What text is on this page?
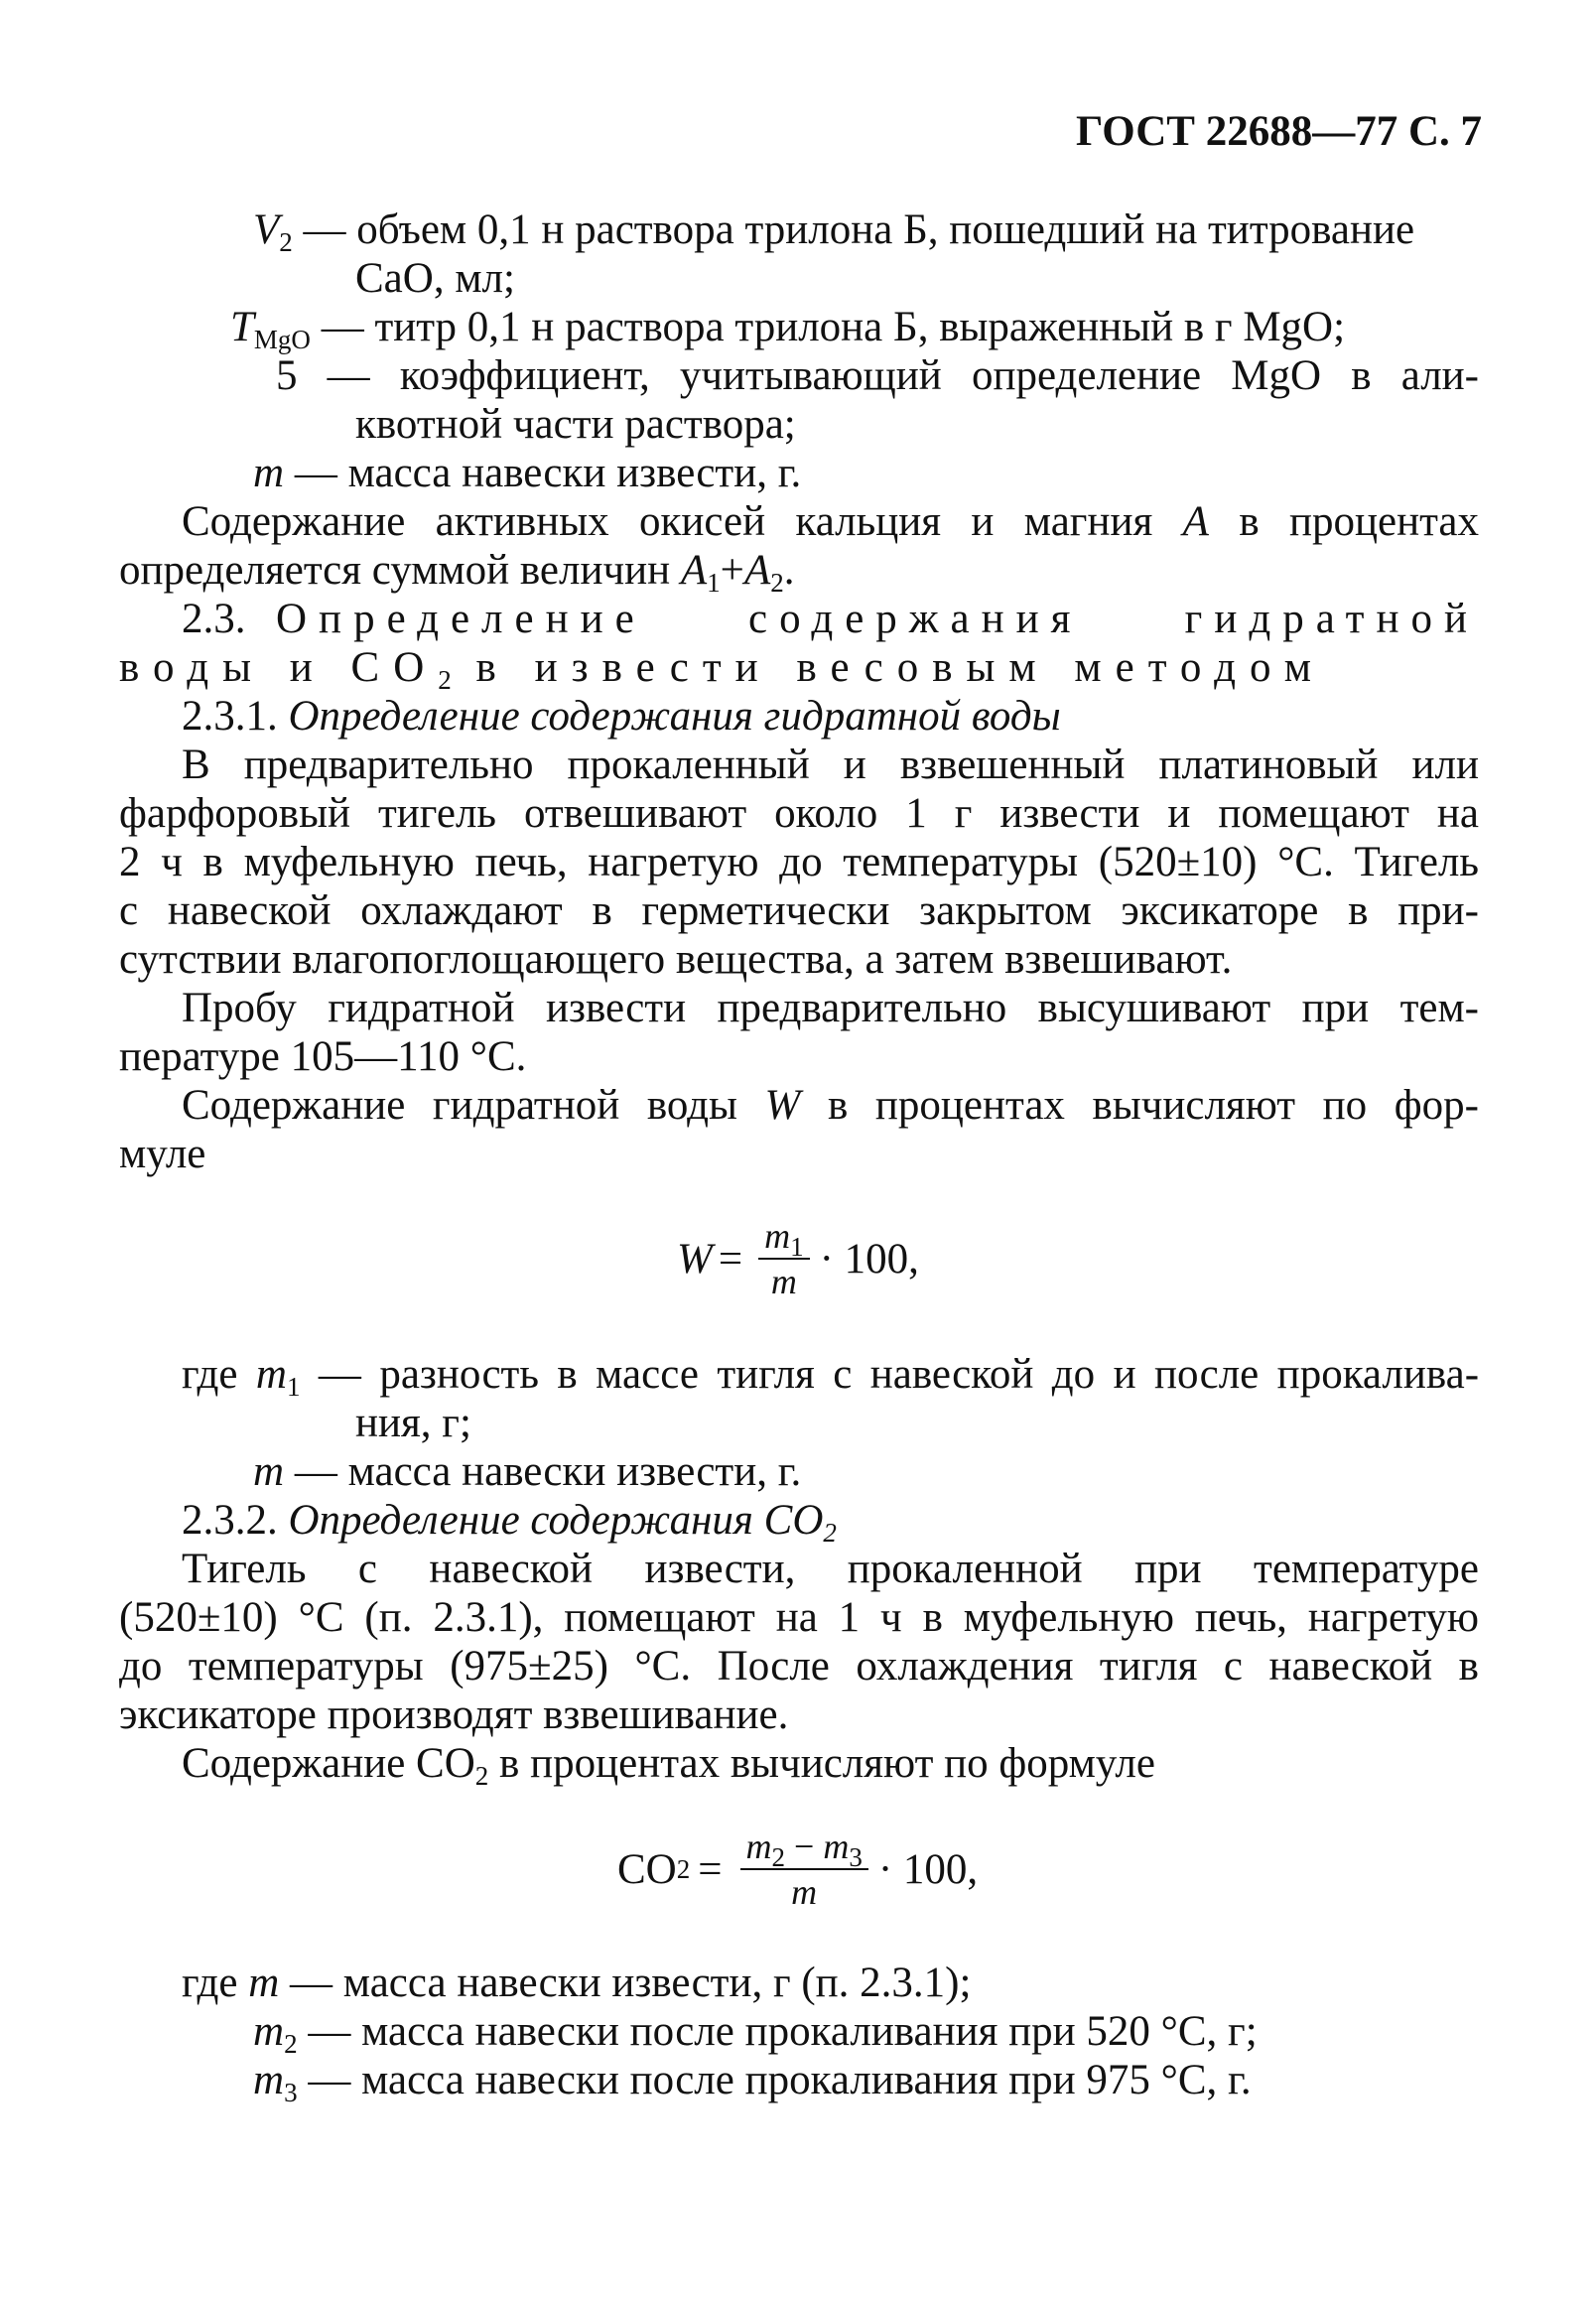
ГОСТ 22688—77 С. 7
$V_2$ — объем 0,1 н раствора трилона Б, пошедший на титрование
CaO, мл;
$T_{MgO}$ — титр 0,1 н раствора трилона Б, выраженный в г MgO;
5 — коэффициент, учитывающий определение MgO в али-
квотной части раствора;
m — масса навески извести, г.
Содержание активных окисей кальция и магния A в процентах
определяется суммой величин $A_1+A_2$.
2.3. Определение содержания гидратной
воды и $CO_2$ в извести весовым методом
2.3.1. Определение содержания гидратной воды
В предварительно прокаленный и взвешенный платиновый или
фарфоровый тигель отвешивают около 1 г извести и помещают на
2 ч в муфельную печь, нагретую до температуры (520±10) °С. Тигель
с навеской охлаждают в герметически закрытом эксикаторе в при-
сутствии влагопоглощающего вещества, а затем взвешивают.
Пробу гидратной извести предварительно высушивают при тем-
пературе 105—110 °С.
Содержание гидратной воды W в процентах вычисляют по фор-
муле
$W = \frac{m_1}{m} \cdot 100$,
где $m_1$ — разность в массе тигля с навеской до и после прокалива-
ния, г;
m — масса навески извести, г.
2.3.2. Определение содержания $CO_2$
Тигель с навеской извести, прокаленной при температуре
(520±10) °С (п. 2.3.1), помещают на 1 ч в муфельную печь, нагретую
до температуры (975±25) °С. После охлаждения тигля с навеской в
эксикаторе производят взвешивание.
Содержание $CO_2$ в процентах вычисляют по формуле
CO $2 = \frac{m_2 - m_3}{m} \cdot 100$,
где m — масса навески извести, г (п. 2.3.1);
$m_2$ — масса навески после прокаливания при 520 °С, г;
$m_3$ — масса навески после прокаливания при 975 °С, г.
